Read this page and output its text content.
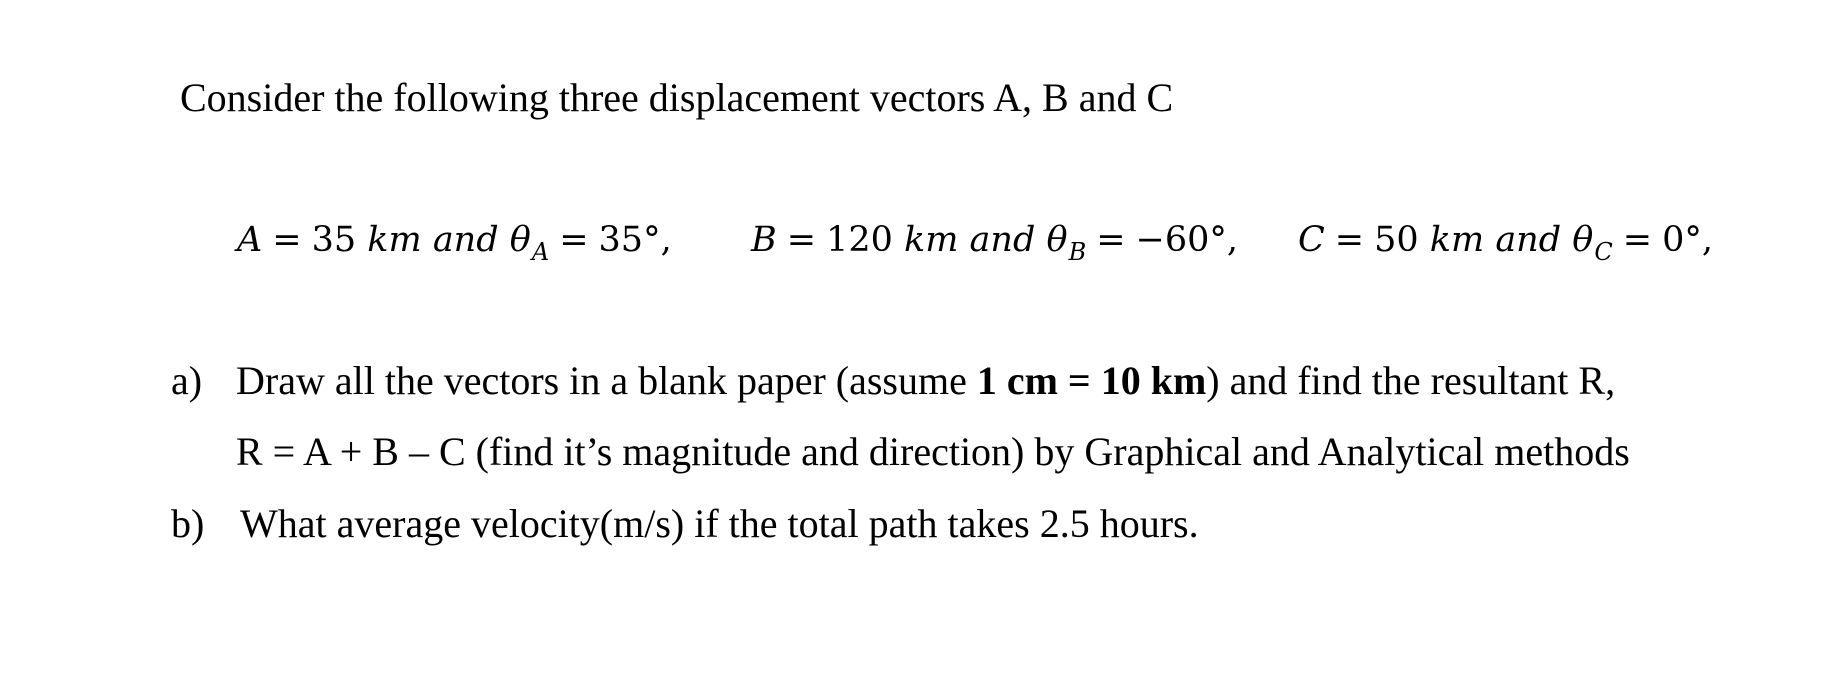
Consider the following three displacement vectors A, B and C
A = 35 km and $\theta_A = 35^\circ$, B = 120 km and $\theta_B = -60^\circ$, C = 50 km and $\theta_C = 0^\circ$,
a) Draw all the vectors in a blank paper (assume 1 cm = 10 km) and find the resultant R,
R = A + B – C (find it’s magnitude and direction) by Graphical and Analytical methods
b) What average velocity(m/s) if the total path takes 2.5 hours.
